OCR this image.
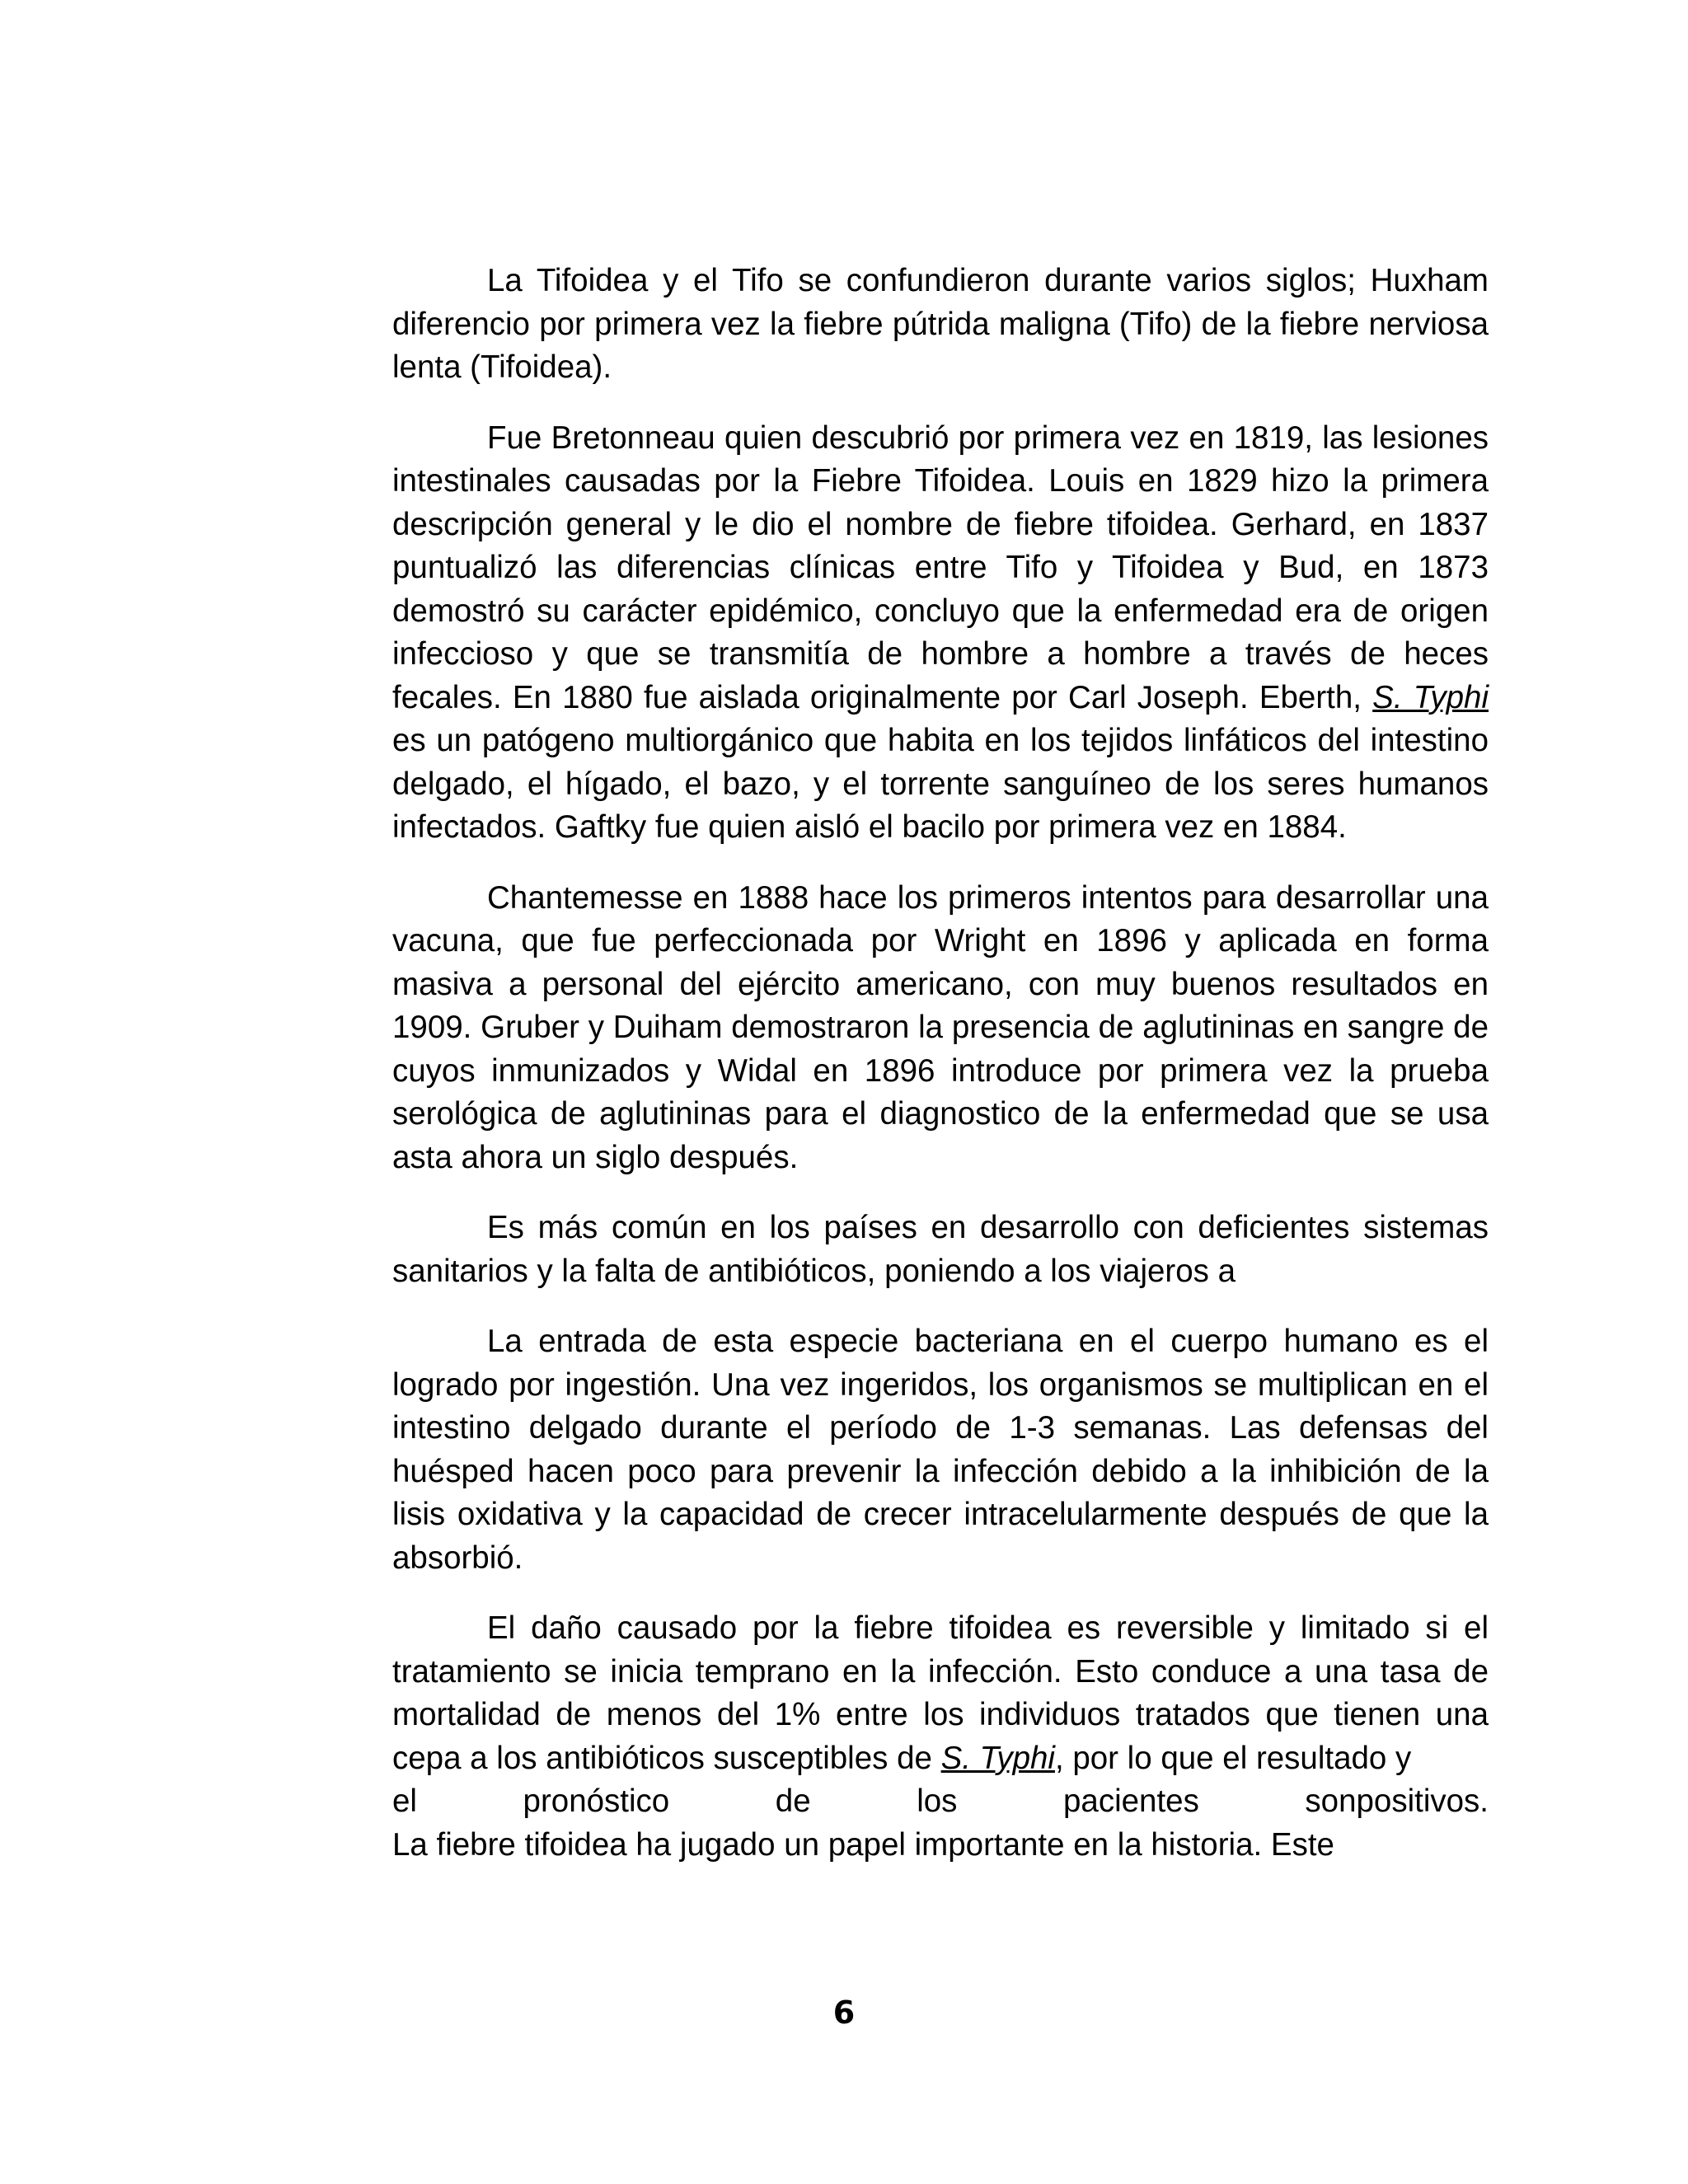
La Tifoidea y el Tifo se confundieron durante varios siglos; Huxham diferencio por primera vez la fiebre pútrida maligna (Tifo) de la fiebre nerviosa lenta (Tifoidea).

Fue Bretonneau quien descubrió por primera vez en 1819, las lesiones intestinales causadas por la Fiebre Tifoidea. Louis en 1829 hizo la primera descripción general y le dio el nombre de fiebre tifoidea. Gerhard, en 1837 puntualizó las diferencias clínicas entre Tifo y Tifoidea y Bud, en 1873 demostró su carácter epidémico, concluyo que la enfermedad era de origen infeccioso y que se transmitía de hombre a hombre a través de heces fecales. En 1880 fue aislada originalmente por Carl Joseph. Eberth, S. Typhi es un patógeno multiorgánico que habita en los tejidos linfáticos del intestino delgado, el hígado, el bazo, y el torrente sanguíneo de los seres humanos infectados. Gaftky fue quien aisló el bacilo por primera vez en 1884.

Chantemesse en 1888 hace los primeros intentos para desarrollar una vacuna, que fue perfeccionada por Wright en 1896 y aplicada en forma masiva a personal del ejército americano, con muy buenos resultados en 1909. Gruber y Duiham demostraron la presencia de aglutininas en sangre de cuyos inmunizados y Widal en 1896 introduce por primera vez la prueba serológica de aglutininas para el diagnostico de la enfermedad que se usa asta ahora un siglo después.

Es más común en los países en desarrollo con deficientes sistemas sanitarios y la falta de antibióticos, poniendo a los viajeros a

La entrada de esta especie bacteriana en el cuerpo humano es el logrado por ingestión. Una vez ingeridos, los organismos se multiplican en el intestino delgado durante el período de 1-3 semanas. Las defensas del huésped hacen poco para prevenir la infección debido a la inhibición de la lisis oxidativa y la capacidad de crecer intracelularmente después de que la absorbió.

El daño causado por la fiebre tifoidea es reversible y limitado si el tratamiento se inicia temprano en la infección. Esto conduce a una tasa de mortalidad de menos del 1% entre los individuos tratados que tienen una cepa a los antibióticos susceptibles de S. Typhi, por lo que el resultado y
el pronóstico de los pacientes sonpositivos.
La fiebre tifoidea ha jugado un papel importante en la historia. Este

6
